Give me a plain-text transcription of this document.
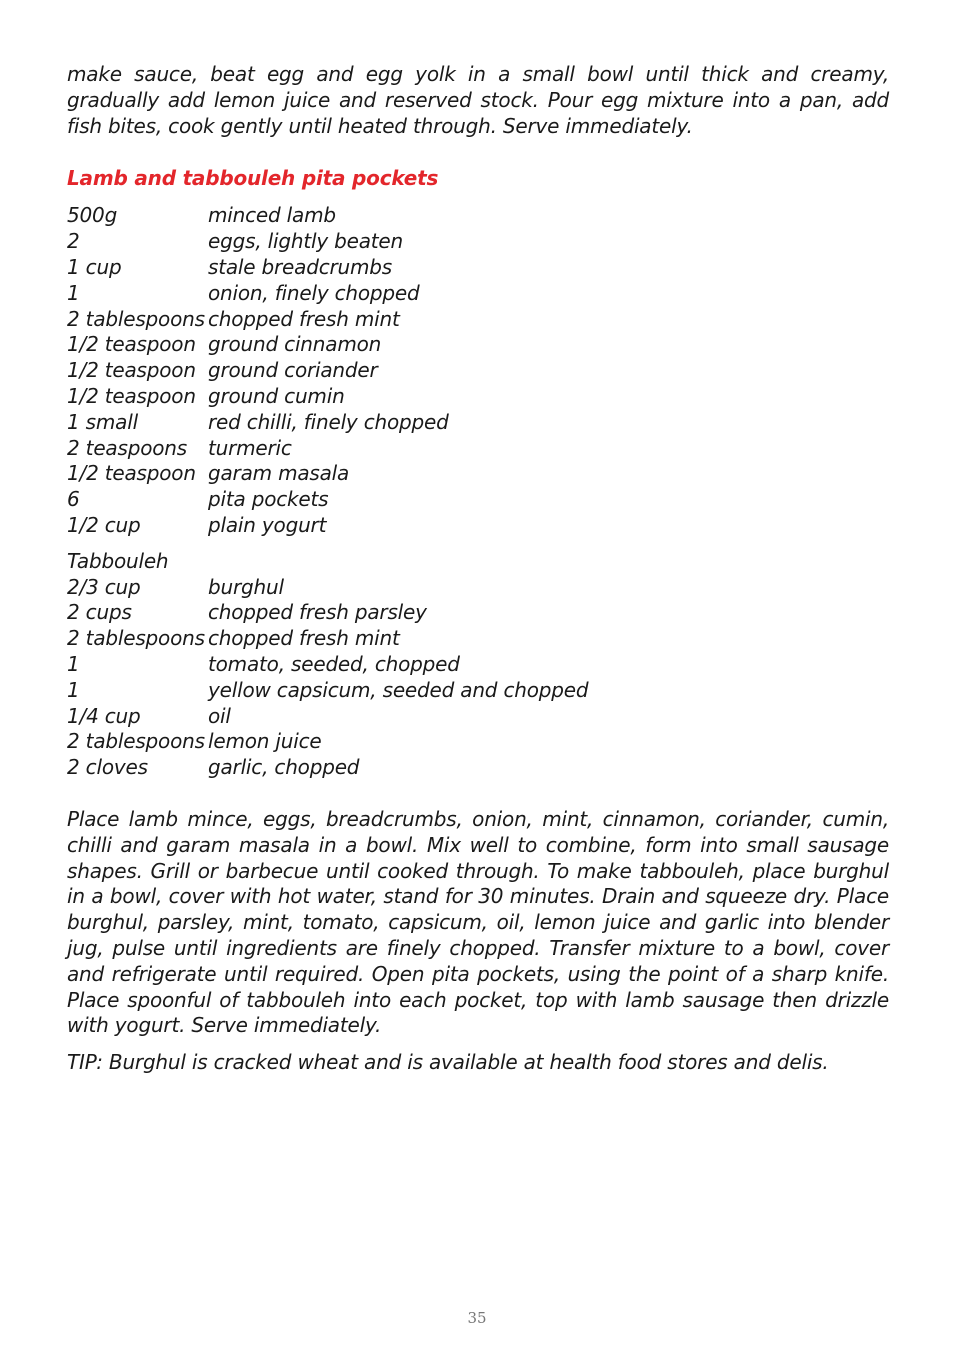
make sauce, beat egg and egg yolk in a small bowl until thick and creamy, gradually add lemon juice and reserved stock. Pour egg mixture into a pan, add fish bites, cook gently until heated through. Serve immediately.

Lamb and tabbouleh pita pockets
500g	minced lamb
2	eggs, lightly beaten
1 cup	stale breadcrumbs
1	onion, finely chopped
2 tablespoons chopped fresh mint
1/2 teaspoon ground cinnamon
1/2 teaspoon ground coriander
1/2 teaspoon ground cumin
1 small	red chilli, finely chopped
2 teaspoons	turmeric
1/2 teaspoon garam masala
6	pita pockets
1/2 cup	plain yogurt

Tabbouleh

2/3 cup	burghul
2 cups	chopped fresh parsley
2 tablespoons chopped fresh mint
1	tomato, seeded, chopped
1	yellow capsicum, seeded and chopped
1/4 cup	oil
2 tablespoons lemon juice
2 cloves	garlic, chopped

Place lamb mince, eggs, breadcrumbs, onion, mint, cinnamon, coriander, cumin, chilli and garam masala in a bowl. Mix well to combine, form into small sausage shapes. Grill or barbecue until cooked through. To make tabbouleh, place burghul in a bowl, cover with hot water, stand for 30 minutes. Drain and squeeze dry. Place burghul, parsley, mint, tomato, capsicum, oil, lemon juice and garlic into blender jug, pulse until ingredients are finely chopped. Transfer mixture to a bowl, cover and refrigerate until required. Open pita pockets, using the point of a sharp knife. Place spoonful of tabbouleh into each pocket, top with lamb sausage then drizzle with yogurt. Serve immediately.

TIP: Burghul is cracked wheat and is available at health food stores and delis.

35
